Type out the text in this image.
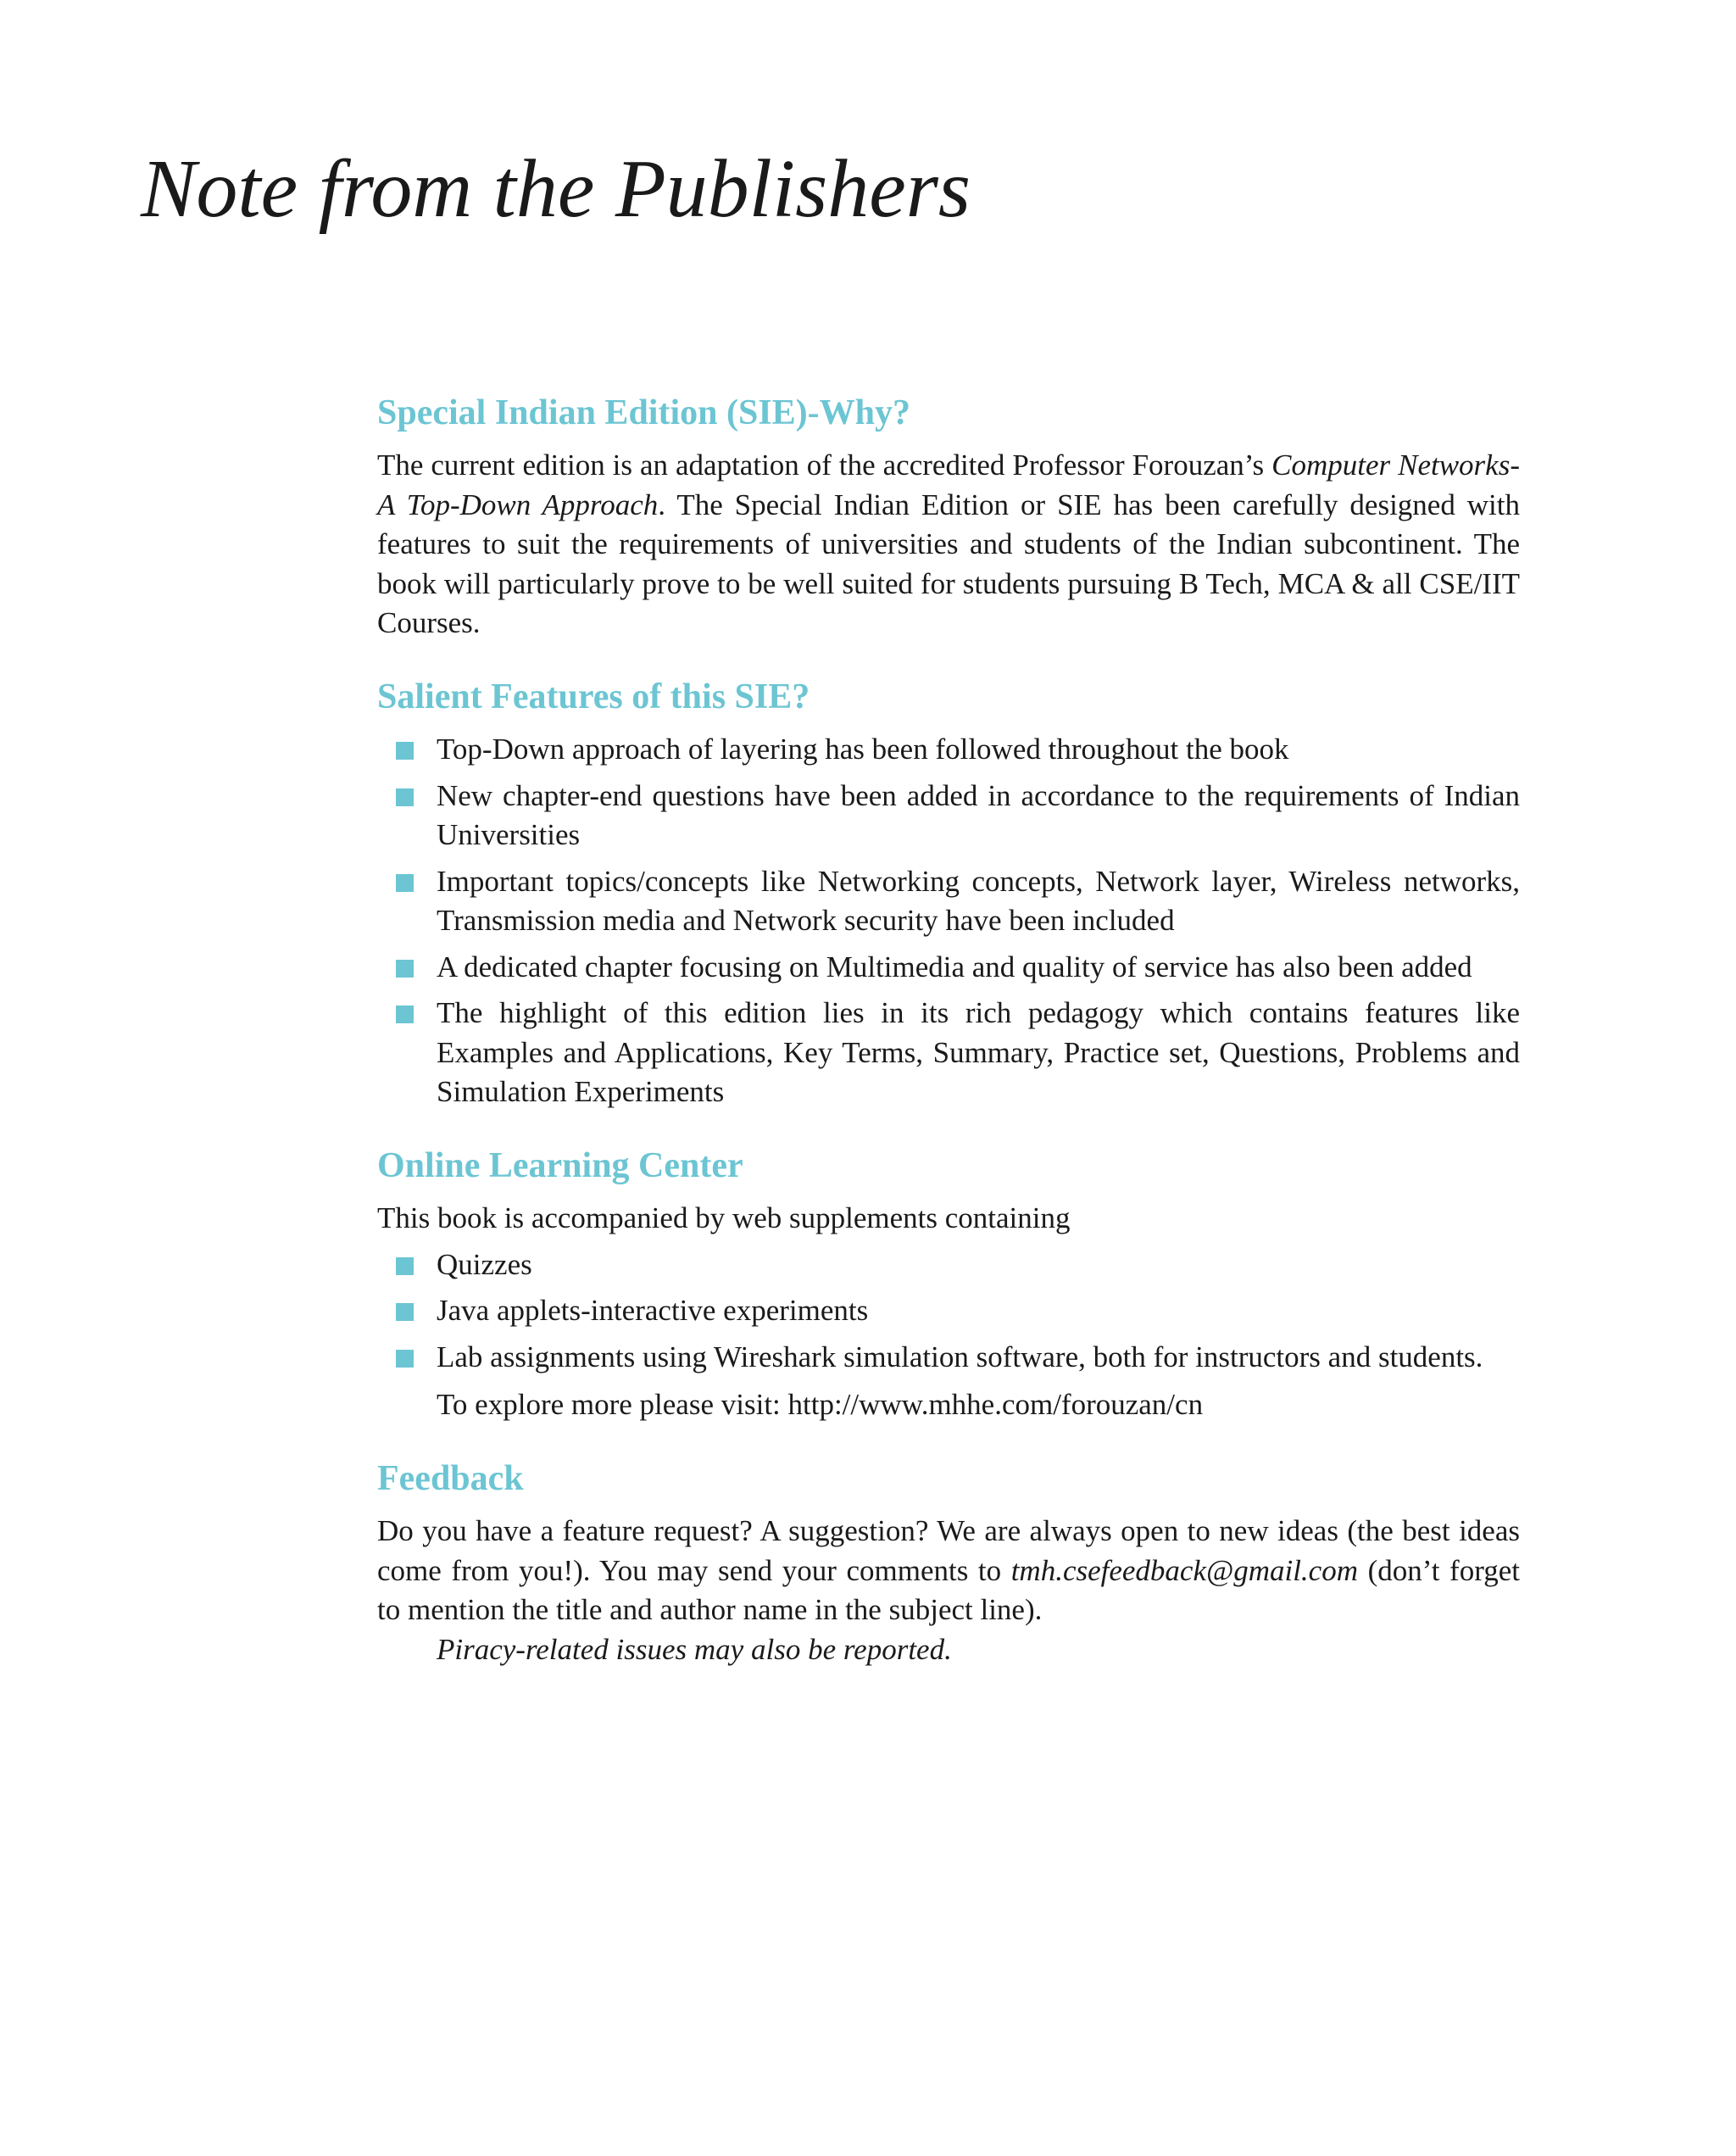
Note from the Publishers
Special Indian Edition (SIE)-Why?

The current edition is an adaptation of the accredited Professor Forouzan’s Computer Networks-A Top-Down Approach. The Special Indian Edition or SIE has been carefully designed with features to suit the requirements of universities and students of the Indian subcontinent. The book will particularly prove to be well suited for students pursuing B Tech, MCA & all CSE/IIT Courses.

Salient Features of this SIE?
Top-Down approach of layering has been followed throughout the book
New chapter-end questions have been added in accordance to the requirements of Indian Universities
Important topics/concepts like Networking concepts, Network layer, Wireless networks, Transmission media and Network security have been included
A dedicated chapter focusing on Multimedia and quality of service has also been added
The highlight of this edition lies in its rich pedagogy which contains features like Examples and Applications, Key Terms, Summary, Practice set, Questions, Problems and Simulation Experiments
Online Learning Center

This book is accompanied by web supplements containing

Quizzes
Java applets-interactive experiments
Lab assignments using Wireshark simulation software, both for instructors and students.

To explore more please visit: http://www.mhhe.com/forouzan/cn

Feedback

Do you have a feature request? A suggestion? We are always open to new ideas (the best ideas come from you!). You may send your comments to tmh.csefeedback@gmail.com (don’t forget to mention the title and author name in the subject line).

Piracy-related issues may also be reported.
